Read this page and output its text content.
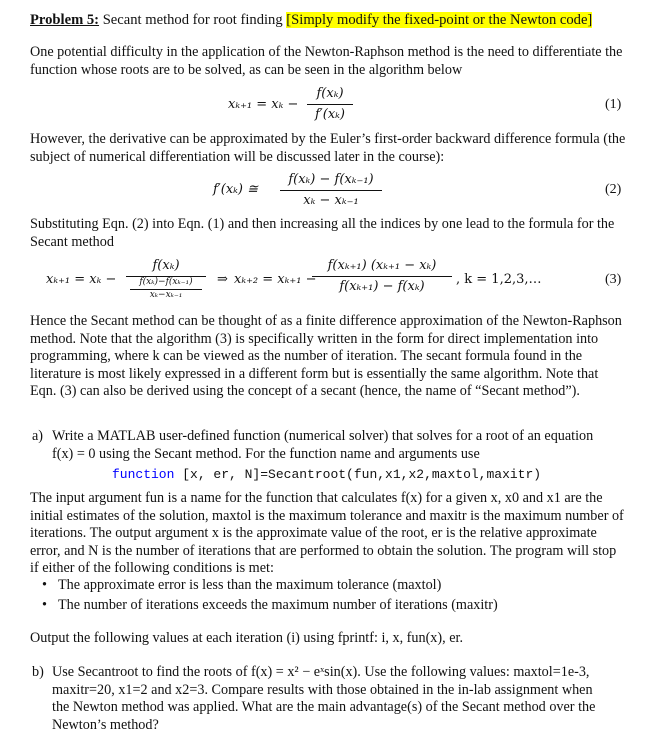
Problem 5: Secant method for root finding [Simply modify the fixed-point or the Newton code]
One potential difficulty in the application of the Newton-Raphson method is the need to differentiate the function whose roots are to be solved, as can be seen in the algorithm below
xₖ₊₁ = xₖ −
f(xₖ)
f′(xₖ)
(1)
However, the derivative can be approximated by the Euler’s first-order backward difference formula (the subject of numerical differentiation will be discussed later in the course):
f′(xₖ) ≅
f(xₖ) − f(xₖ₋₁)
xₖ − xₖ₋₁
(2)
Substituting Eqn. (2) into Eqn. (1) and then increasing all the indices by one lead to the formula for the Secant method
xₖ₊₁ = xₖ −
f(xₖ)
f(xₖ)−f(xₖ₋₁)
xₖ−xₖ₋₁
⇒ xₖ₊₂ = xₖ₊₁ −
f(xₖ₊₁) (xₖ₊₁ − xₖ)
f(xₖ₊₁) − f(xₖ)	, k = 1,2,3,…	(3)
Hence the Secant method can be thought of as a finite difference approximation of the Newton-Raphson method. Note that the algorithm (3) is specifically written in the form for direct implementation into programming, where k can be viewed as the number of iteration. The secant formula found in the literature is most likely expressed in a different form but is essentially the same algorithm. Note that Eqn. (3) can also be derived using the concept of a secant (hence, the name of “Secant method”).
a) Write a MATLAB user-defined function (numerical solver) that solves for a root of an equation f(x) = 0 using the Secant method. For the function name and arguments use
function [x, er, N]=Secantroot(fun,x1,x2,maxtol,maxitr)
The input argument fun is a name for the function that calculates f(x) for a given x, x0 and x1 are the initial estimates of the solution, maxtol is the maximum tolerance and maxitr is the maximum number of iterations. The output argument x is the approximate value of the root, er is the relative approximate error, and N is the number of iterations that are performed to obtain the solution. The program will stop if either of the following conditions is met:
• The approximate error is less than the maximum tolerance (maxtol)
• The number of iterations exceeds the maximum number of iterations (maxitr)
Output the following values at each iteration (i) using fprintf: i, x, fun(x), er.
b) Use Secantroot to find the roots of f(x) = x² − eˣsin(x). Use the following values: maxtol=1e-3, maxitr=20, x1=2 and x2=3. Compare results with those obtained in the in-lab assignment when the Newton method was applied. What are the main advantage(s) of the Secant method over the Newton’s method?
